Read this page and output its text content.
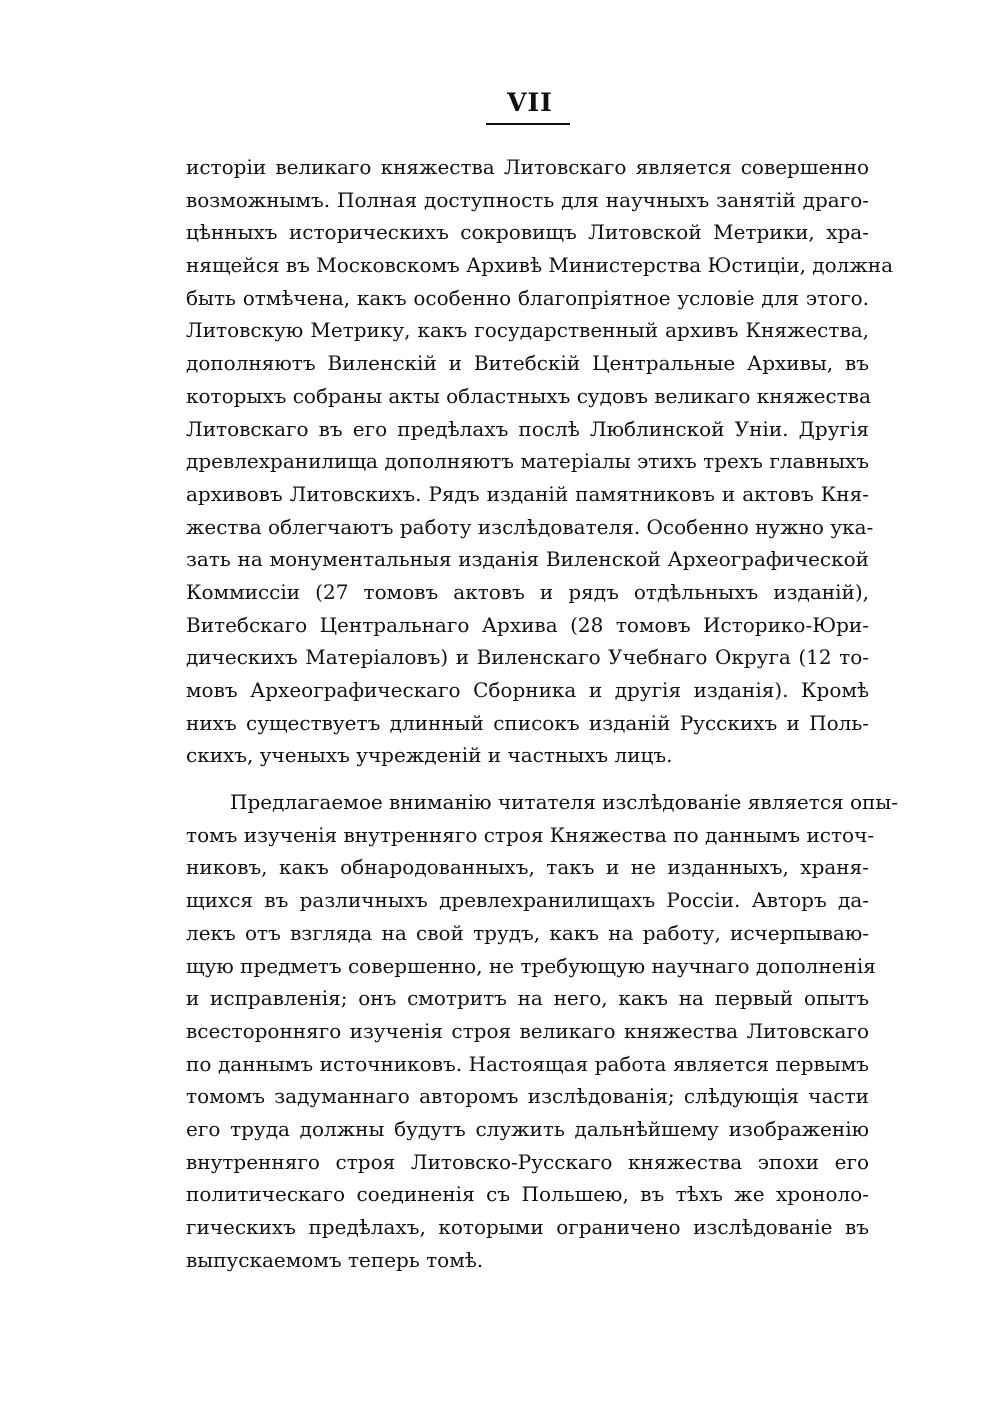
VII
исторіи великаго княжества Литовскаго является совершенно
возможнымъ. Полная доступность для научныхъ занятій драго-
цѣнныхъ историческихъ сокровищъ Литовской Метрики, хра-
нящейся въ Московскомъ Архивѣ Министерства Юстиціи, должна
быть отмѣчена, какъ особенно благопріятное условіе для этого.
Литовскую Метрику, какъ государственный архивъ Княжества,
дополняютъ Виленскій и Витебскій Центральные Архивы, въ
которыхъ собраны акты областныхъ судовъ великаго княжества
Литовскаго въ его предѣлахъ послѣ Люблинской Уніи. Другія
древлехранилища дополняютъ матеріалы этихъ трехъ главныхъ
архивовъ Литовскихъ. Рядъ изданій памятниковъ и актовъ Кня-
жества облегчаютъ работу изслѣдователя. Особенно нужно ука-
зать на монументальныя изданія Виленской Археографической
Коммиссіи (27 томовъ актовъ и рядъ отдѣльныхъ изданій),
Витебскаго Центральнаго Архива (28 томовъ Историко-Юри-
дическихъ Матеріаловъ) и Виленскаго Учебнаго Округа (12 то-
мовъ Археографическаго Сборника и другія изданія). Кромѣ
нихъ существуетъ длинный списокъ изданій Русскихъ и Поль-
скихъ, ученыхъ учрежденій и частныхъ лицъ.
Предлагаемое вниманію читателя изслѣдованіе является опы-
томъ изученія внутренняго строя Княжества по даннымъ источ-
никовъ, какъ обнародованныхъ, такъ и не изданныхъ, храня-
щихся въ различныхъ древлехранилищахъ Россіи. Авторъ да-
лекъ отъ взгляда на свой трудъ, какъ на работу, исчерпываю-
щую предметъ совершенно, не требующую научнаго дополненія
и исправленія; онъ смотритъ на него, какъ на первый опытъ
всесторонняго изученія строя великаго княжества Литовскаго
по даннымъ источниковъ. Настоящая работа является первымъ
томомъ задуманнаго авторомъ изслѣдованія; слѣдующія части
его труда должны будутъ служить дальнѣйшему изображенію
внутренняго строя Литовско-Русскаго княжества эпохи его
политическаго соединенія съ Польшею, въ тѣхъ же хроноло-
гическихъ предѣлахъ, которыми ограничено изслѣдованіе въ
выпускаемомъ теперь томѣ.
